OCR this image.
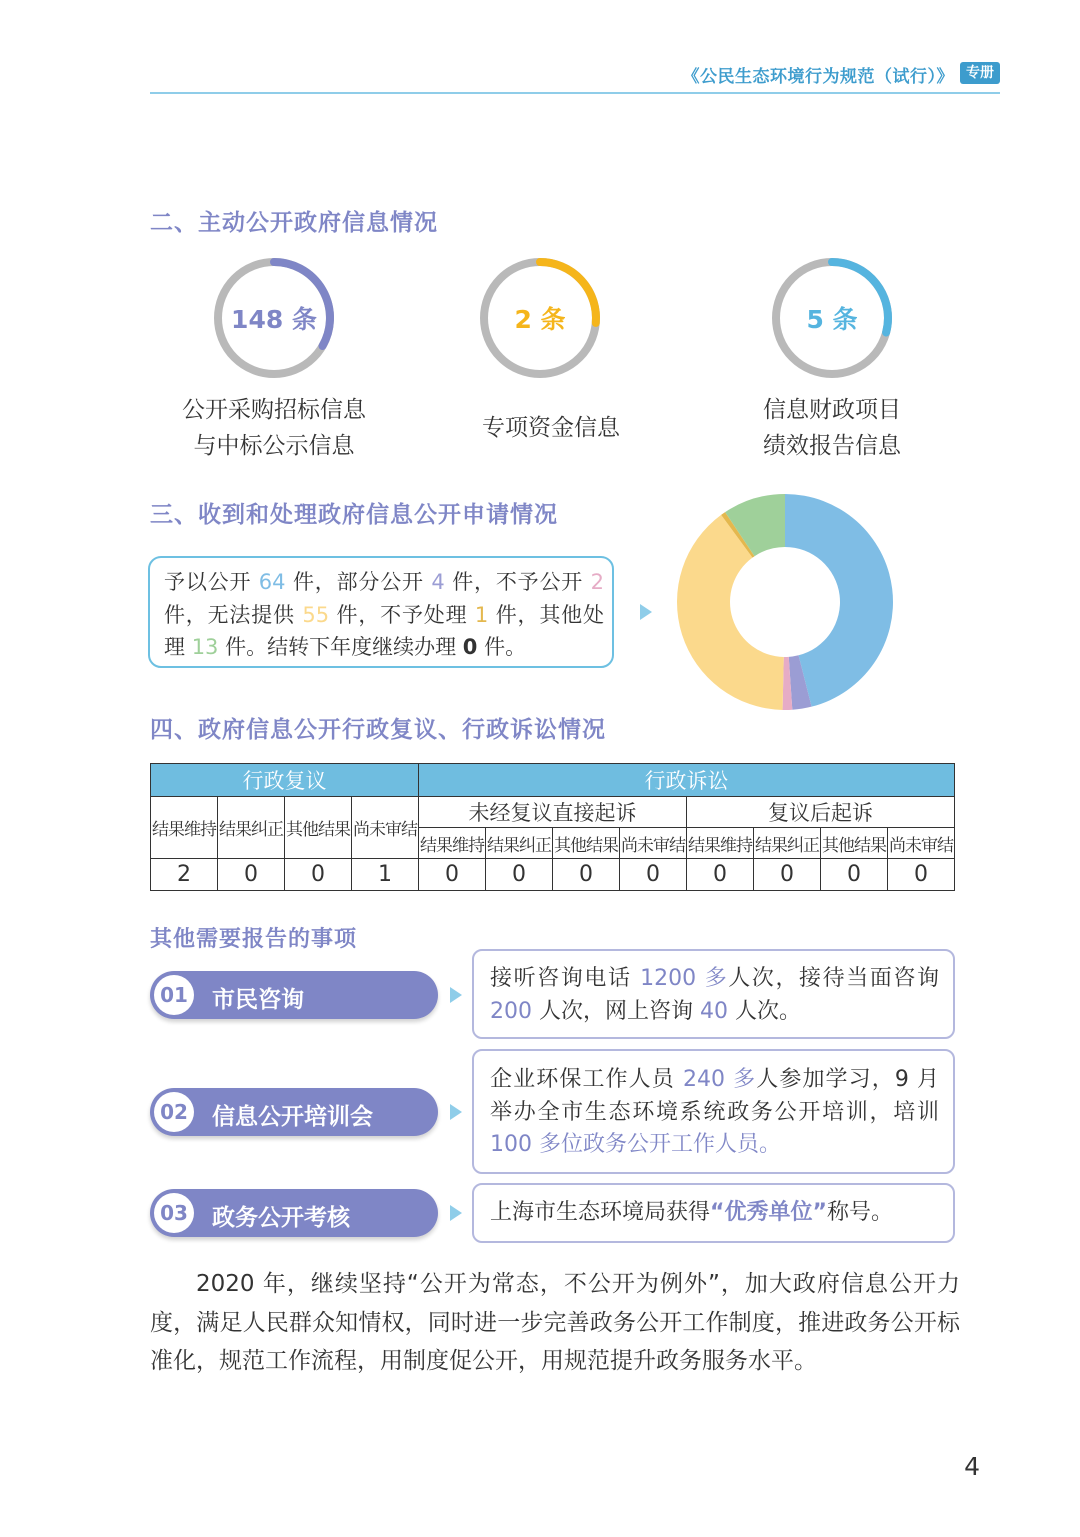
《公民生态环境行为规范（试行）》 专册
二、主动公开政府信息情况
148 条
公开采购招标信息
与中标公示信息
2 条
专项资金信息
5 条
信息财政项目
绩效报告信息
三、收到和处理政府信息公开申请情况
予以公开 64 件，部分公开 4 件，不予公开 2 件，无法提供 55 件，不予处理 1 件，其他处理 13 件。结转下年度继续办理 0 件。
四、政府信息公开行政复议、行政诉讼情况
行政复议				行政诉讼							
结果维持	结果纠正	其他结果	尚未审结	未经复议直接起诉				复议后起诉			
				结果维持	结果纠正	其他结果	尚未审结	结果维持	结果纠正	其他结果	尚未审结
2	0	0	1	0	0	0	0	0	0	0	0
其他需要报告的事项
01 市民咨询
接听咨询电话 1200 多人次，接待当面咨询 200 人次，网上咨询 40 人次。
02 信息公开培训会
企业环保工作人员 240 多人参加学习，9 月举办全市生态环境系统政务公开培训，培训100 多位政务公开工作人员。
03 政务公开考核	上海市生态环境局获得“优秀单位”称号。
2020 年，继续坚持“公开为常态，不公开为例外”，加大政府信息公开力度，满足人民群众知情权，同时进一步完善政务公开工作制度，推进政务公开标准化，规范工作流程，用制度促公开，用规范提升政务服务水平。
4
